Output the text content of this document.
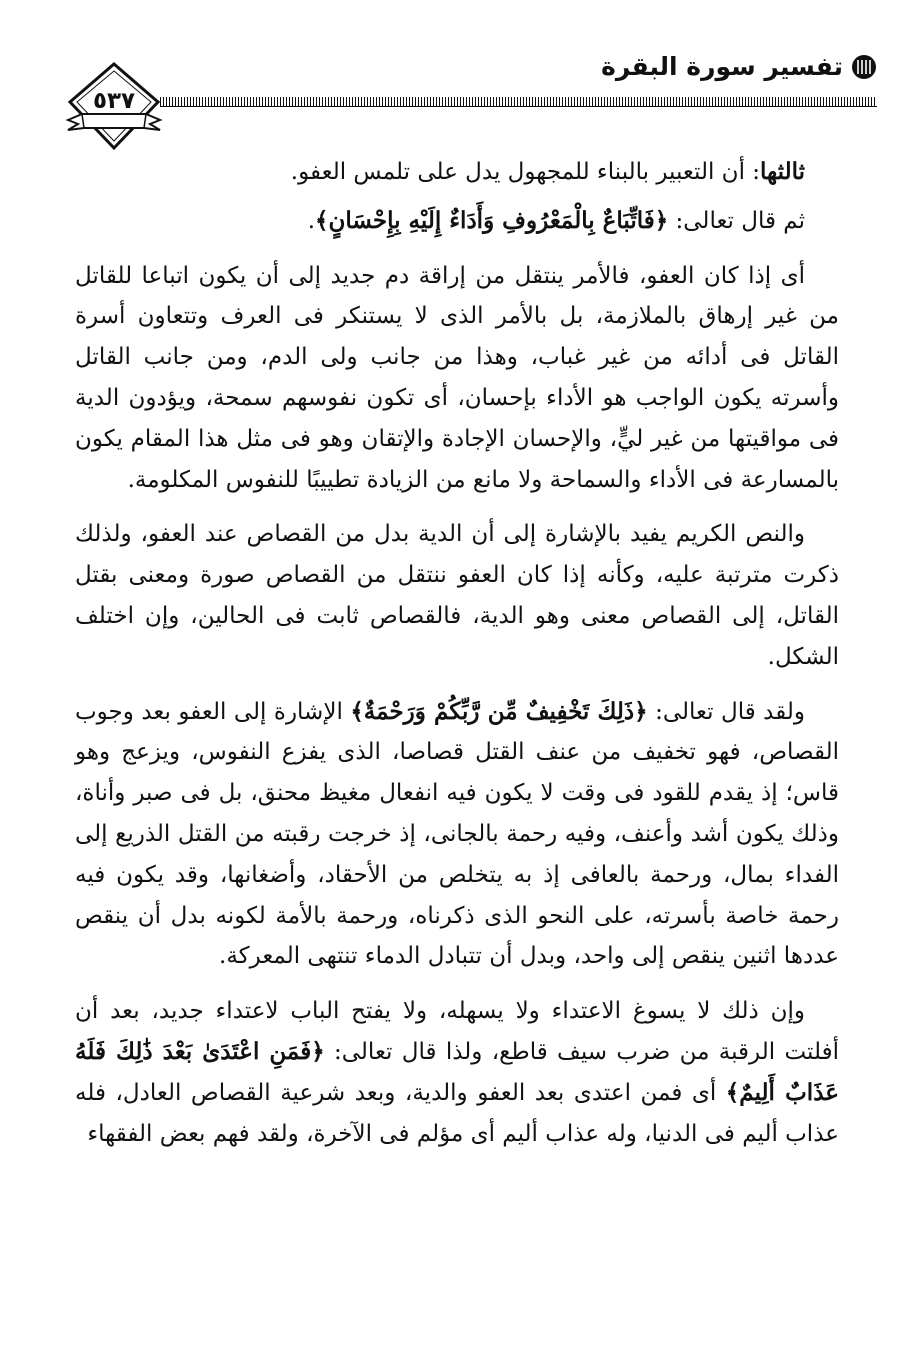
تفسير سورة البقرة
٥٣٧

ثالثها: أن التعبير بالبناء للمجهول يدل على تلمس العفو.

ثم قال تعالى: ﴿فَاتِّبَاعٌ بِالْمَعْرُوفِ وَأَدَاءٌ إِلَيْهِ بِإِحْسَانٍ﴾.

أى إذا كان العفو، فالأمر ينتقل من إراقة دم جديد إلى أن يكون اتباعا للقاتل من غير إرهاق بالملازمة، بل بالأمر الذى لا يستنكر فى العرف وتتعاون أسرة القاتل فى أدائه من غير غباب، وهذا من جانب ولى الدم، ومن جانب القاتل وأسرته يكون الواجب هو الأداء بإحسان، أى تكون نفوسهم سمحة، ويؤدون الدية فى مواقيتها من غير ليٍّ، والإحسان الإجادة والإتقان وهو فى مثل هذا المقام يكون بالمسارعة فى الأداء والسماحة ولا مانع من الزيادة تطييبًا للنفوس المكلومة.

والنص الكريم يفيد بالإشارة إلى أن الدية بدل من القصاص عند العفو، ولذلك ذكرت مترتبة عليه، وكأنه إذا كان العفو ننتقل من القصاص صورة ومعنى بقتل القاتل، إلى القصاص معنى وهو الدية، فالقصاص ثابت فى الحالين، وإن اختلف الشكل.

ولقد قال تعالى: ﴿ذَلِكَ تَخْفِيفٌ مِّن رَّبِّكُمْ وَرَحْمَةٌ﴾ الإشارة إلى العفو بعد وجوب القصاص، فهو تخفيف من عنف القتل قصاصا، الذى يفزع النفوس، ويزعج وهو قاس؛ إذ يقدم للقود فى وقت لا يكون فيه انفعال مغيظ محنق، بل فى صبر وأناة، وذلك يكون أشد وأعنف، وفيه رحمة بالجانى، إذ خرجت رقبته من القتل الذريع إلى الفداء بمال، ورحمة بالعافى إذ به يتخلص من الأحقاد، وأضغانها، وقد يكون فيه رحمة خاصة بأسرته، على النحو الذى ذكرناه، ورحمة بالأمة لكونه بدل أن ينقص عددها اثنين ينقص إلى واحد، وبدل أن تتبادل الدماء تنتهى المعركة.

وإن ذلك لا يسوغ الاعتداء ولا يسهله، ولا يفتح الباب لاعتداء جديد، بعد أن أفلتت الرقبة من ضرب سيف قاطع، ولذا قال تعالى: ﴿فَمَنِ اعْتَدَىٰ بَعْدَ ذَٰلِكَ فَلَهُ عَذَابٌ أَلِيمٌ﴾ أى فمن اعتدى بعد العفو والدية، وبعد شرعية القصاص العادل، فله عذاب أليم فى الدنيا، وله عذاب أليم أى مؤلم فى الآخرة، ولقد فهم بعض الفقهاء
